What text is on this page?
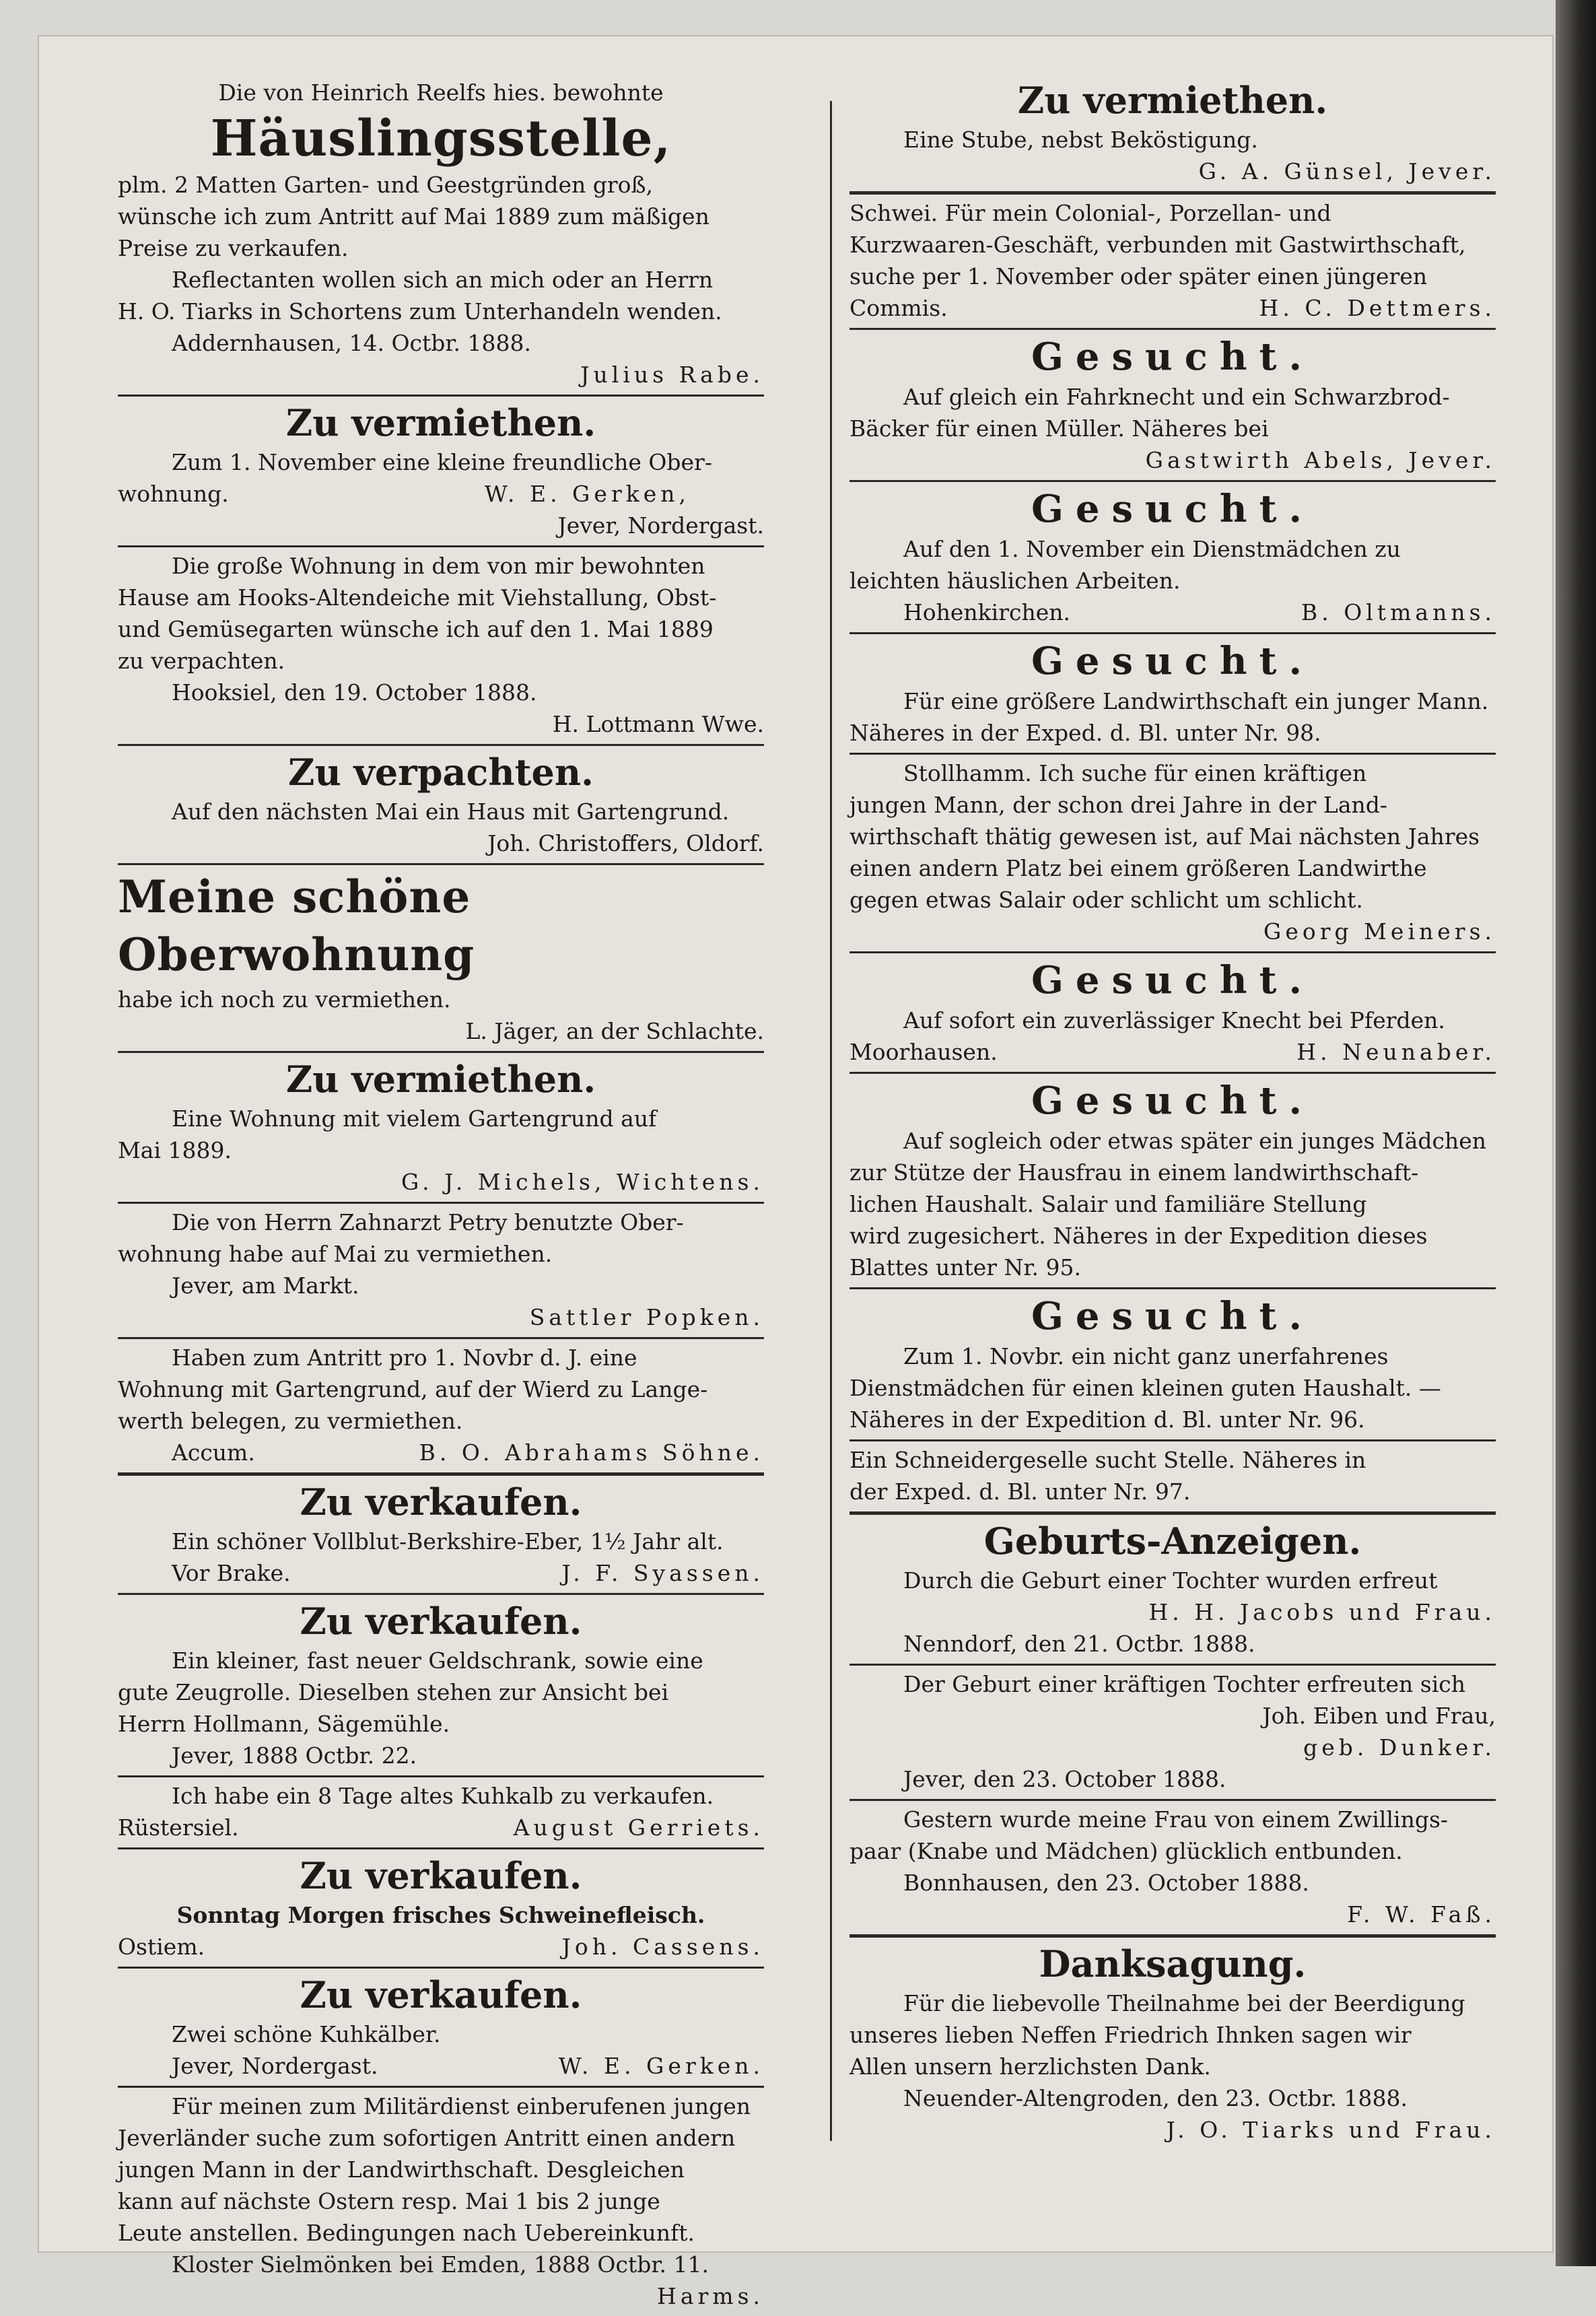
Die von Heinrich Reelfs hies. bewohnte
Häuslingsstelle,
plm. 2 Matten Garten- und Geestgründen groß,
wünsche ich zum Antritt auf Mai 1889 zum mäßigen
Preise zu verkaufen.
Reflectanten wollen sich an mich oder an Herrn
H. O. Tiarks in Schortens zum Unterhandeln wenden.
Addernhausen, 14. Octbr. 1888.
Julius Rabe.
Zu vermiethen.
Zum 1. November eine kleine freundliche Ober-
wohnung.	W. E. Gerken,
Jever, Nordergast.
Die große Wohnung in dem von mir bewohnten
Hause am Hooks-Altendeiche mit Viehstallung, Obst-
und Gemüsegarten wünsche ich auf den 1. Mai 1889
zu verpachten.
Hooksiel, den 19. October 1888.
H. Lottmann Wwe.
Zu verpachten.
Auf den nächsten Mai ein Haus mit Gartengrund.
Joh. Christoffers, Oldorf.
Meine schöne Oberwohnung
habe ich noch zu vermiethen.
L. Jäger, an der Schlachte.
Zu vermiethen.
Eine Wohnung mit vielem Gartengrund auf
Mai 1889.
G. J. Michels, Wichtens.
Die von Herrn Zahnarzt Petry benutzte Ober-
wohnung habe auf Mai zu vermiethen.
Jever, am Markt.
Sattler Popken.
Haben zum Antritt pro 1. Novbr d. J. eine
Wohnung mit Gartengrund, auf der Wierd zu Lange-
werth belegen, zu vermiethen.
Accum.	B. O. Abrahams Söhne.
Zu verkaufen.
Ein schöner Vollblut-Berkshire-Eber, 1½ Jahr alt.
Vor Brake.	J. F. Syassen.
Zu verkaufen.
Ein kleiner, fast neuer Geldschrank, sowie eine
gute Zeugrolle. Dieselben stehen zur Ansicht bei
Herrn Hollmann, Sägemühle.
Jever, 1888 Octbr. 22.
Ich habe ein 8 Tage altes Kuhkalb zu verkaufen.
Rüstersiel.	August Gerriets.
Zu verkaufen.
Sonntag Morgen frisches Schweinefleisch.
Ostiem.	Joh. Cassens.
Zu verkaufen.
Zwei schöne Kuhkälber.
Jever, Nordergast.	W. E. Gerken.
Für meinen zum Militärdienst einberufenen jungen
Jeverländer suche zum sofortigen Antritt einen andern
jungen Mann in der Landwirthschaft. Desgleichen
kann auf nächste Ostern resp. Mai 1 bis 2 junge
Leute anstellen. Bedingungen nach Uebereinkunft.
Kloster Sielmönken bei Emden, 1888 Octbr. 11.
Harms.
Zu vermiethen.
Eine Stube, nebst Beköstigung.
G. A. Günsel, Jever.
Schwei. Für mein Colonial-, Porzellan- und
Kurzwaaren-Geschäft, verbunden mit Gastwirthschaft,
suche per 1. November oder später einen jüngeren
Commis.	H. C. Dettmers.
Gesucht.
Auf gleich ein Fahrknecht und ein Schwarzbrod-
Bäcker für einen Müller. Näheres bei
Gastwirth Abels, Jever.
Gesucht.
Auf den 1. November ein Dienstmädchen zu
leichten häuslichen Arbeiten.
Hohenkirchen.	B. Oltmanns.
Gesucht.
Für eine größere Landwirthschaft ein junger Mann.
Näheres in der Exped. d. Bl. unter Nr. 98.
Stollhamm. Ich suche für einen kräftigen
jungen Mann, der schon drei Jahre in der Land-
wirthschaft thätig gewesen ist, auf Mai nächsten Jahres
einen andern Platz bei einem größeren Landwirthe
gegen etwas Salair oder schlicht um schlicht.
Georg Meiners.
Gesucht.
Auf sofort ein zuverlässiger Knecht bei Pferden.
Moorhausen.	H. Neunaber.
Gesucht.
Auf sogleich oder etwas später ein junges Mädchen
zur Stütze der Hausfrau in einem landwirthschaft-
lichen Haushalt. Salair und familiäre Stellung
wird zugesichert. Näheres in der Expedition dieses
Blattes unter Nr. 95.
Gesucht.
Zum 1. Novbr. ein nicht ganz unerfahrenes
Dienstmädchen für einen kleinen guten Haushalt. —
Näheres in der Expedition d. Bl. unter Nr. 96.
Ein Schneidergeselle sucht Stelle. Näheres in
der Exped. d. Bl. unter Nr. 97.
Geburts-Anzeigen.
Durch die Geburt einer Tochter wurden erfreut
H. H. Jacobs und Frau.
Nenndorf, den 21. Octbr. 1888.
Der Geburt einer kräftigen Tochter erfreuten sich
Joh. Eiben und Frau,
geb. Dunker.
Jever, den 23. October 1888.
Gestern wurde meine Frau von einem Zwillings-
paar (Knabe und Mädchen) glücklich entbunden.
Bonnhausen, den 23. October 1888.
F. W. Faß.
Danksagung.
Für die liebevolle Theilnahme bei der Beerdigung
unseres lieben Neffen Friedrich Ihnken sagen wir
Allen unsern herzlichsten Dank.
Neuender-Altengroden, den 23. Octbr. 1888.
J. O. Tiarks und Frau.
